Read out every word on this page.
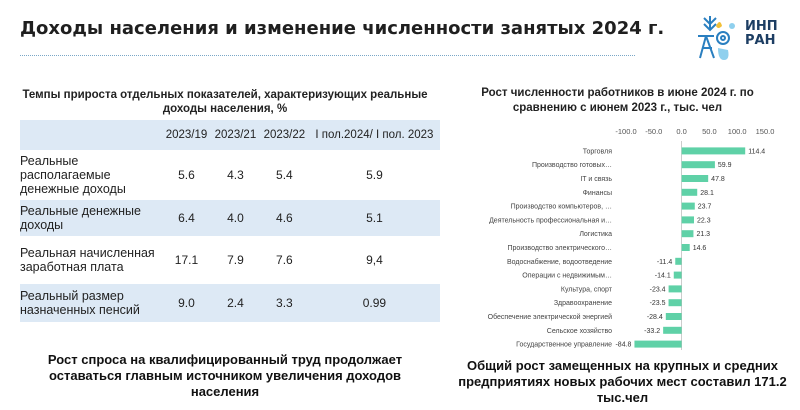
Доходы населения и изменение численности занятых 2024 г.	ИНП РАН
Темпы прироста отдельных показателей, характеризующих реальные доходы населения, %
	2023/19	2023/21	2023/22	I пол.2024/ I пол. 2023
Реальные располагаемые денежные доходы	5.6	4.3	5.4	5.9
Реальные денежные доходы	6.4	4.0	4.6	5.1
Реальная начисленная заработная плата	17.1	7.9	7.6	9,4
Реальный размер назначенных пенсий	9.0	2.4	3.3	0.99
Рост спроса на квалифицированный труд продолжает оставаться главным источником увеличения доходов населения
Рост численности работников в июне 2024 г. по сравнению с июнем 2023 г., тыс. чел
-100.0 -50.0 0.0 50.0 100.0 150.0
Торговля	114.4
Производство готовых…	59.9
IT и связь	47.8
Финансы	28.1
Производство компьютеров, …	23.7
Деятельность профессиональная и…	22.3
Логистика	21.3
Производство электрического…	14.6
Водоснабжение, водоотведение	-11.4
Операции с недвижимым…	-14.1
Культура, спорт	-23.4
Здравоохранение	-23.5
Обеспечение электрической энергией	-28.4
Сельское хозяйство	-33.2
Государственное управление -84.8
Общий рост замещенных на крупных и средних предприятиях новых рабочих мест составил 171.2 тыс.чел
